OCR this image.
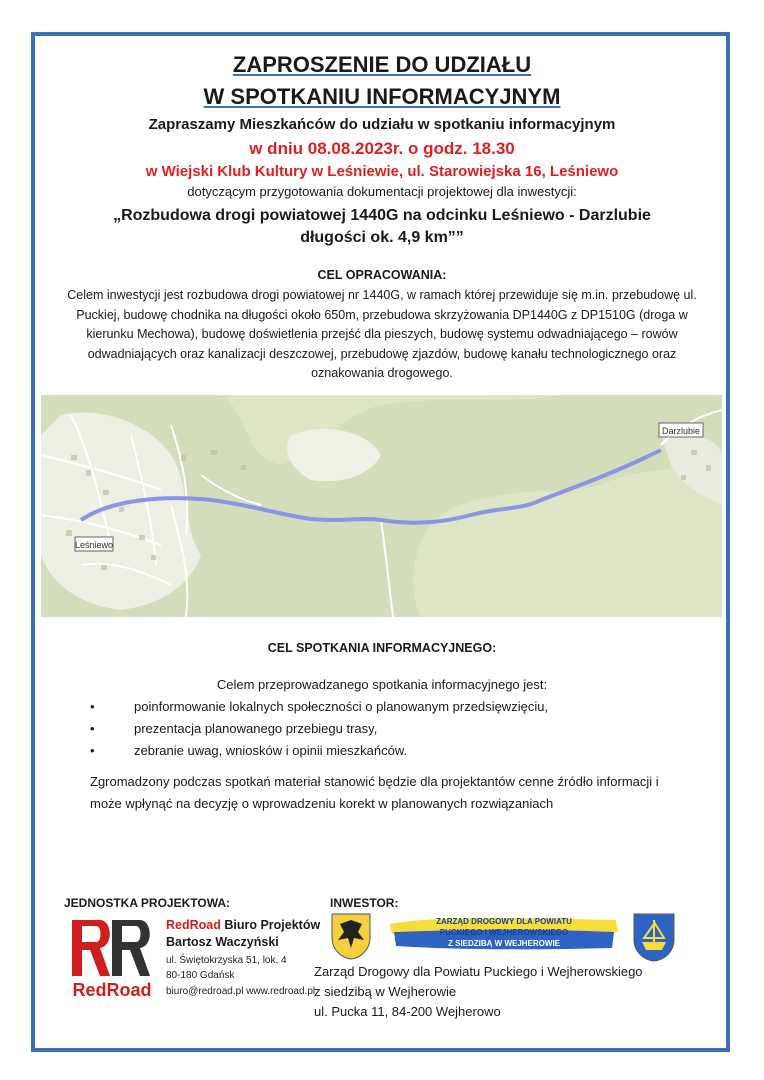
ZAPROSZENIE DO UDZIAŁU
W SPOTKANIU INFORMACYJNYM
Zapraszamy Mieszkańców do udziału w spotkaniu informacyjnym
w dniu 08.08.2023r. o godz. 18.30
w Wiejski Klub Kultury w Leśniewie, ul. Starowiejska 16, Leśniewo
dotyczącym przygotowania dokumentacji projektowej dla inwestycji:
„Rozbudowa drogi powiatowej 1440G na odcinku Leśniewo - Darzlubie
długości ok. 4,9 km””
CEL OPRACOWANIA:
Celem inwestycji jest rozbudowa drogi powiatowej nr 1440G, w ramach której przewiduje się m.in. przebudowę ul. Puckiej, budowę chodnika na długości około 650m, przebudowa skrzyżowania DP1440G z DP1510G (droga w kierunku Mechowa), budowę doświetlenia przejść dla pieszych, budowę systemu odwadniającego – rowów odwadniających oraz kanalizacji deszczowej, przebudowę zjazdów, budowę kanału technologicznego oraz oznakowania drogowego.
Leśniewo
Darzlubie
CEL SPOTKANIA INFORMACYJNEGO:
Celem przeprowadzanego spotkania informacyjnego jest:
•	poinformowanie lokalnych społeczności o planowanym przedsięwzięciu,
•	prezentacja planowanego przebiegu trasy,
•	zebranie uwag, wniosków i opinii mieszkańców.
Zgromadzony podczas spotkań materiał stanowić będzie dla projektantów cenne źródło informacji i może wpłynąć na decyzję o wprowadzeniu korekt w planowanych rozwiązaniach
JEDNOSTKA PROJEKTOWA:	INWESTOR:
RedRoad
RedRoad Biuro Projektów
Bartosz Waczyński
ul. Świętokrzyska 51, lok. 4
80-180 Gdańsk
biuro@redroad.pl www.redroad.pl
ZARZĄD DROGOWY DLA POWIATU
PUCKIEGO I WEJHEROWSKIEGO
Z SIEDZIBĄ W WEJHEROWIE
Zarząd Drogowy dla Powiatu Puckiego i Wejherowskiego
z siedzibą w Wejherowie
ul. Pucka 11, 84-200 Wejherowo
